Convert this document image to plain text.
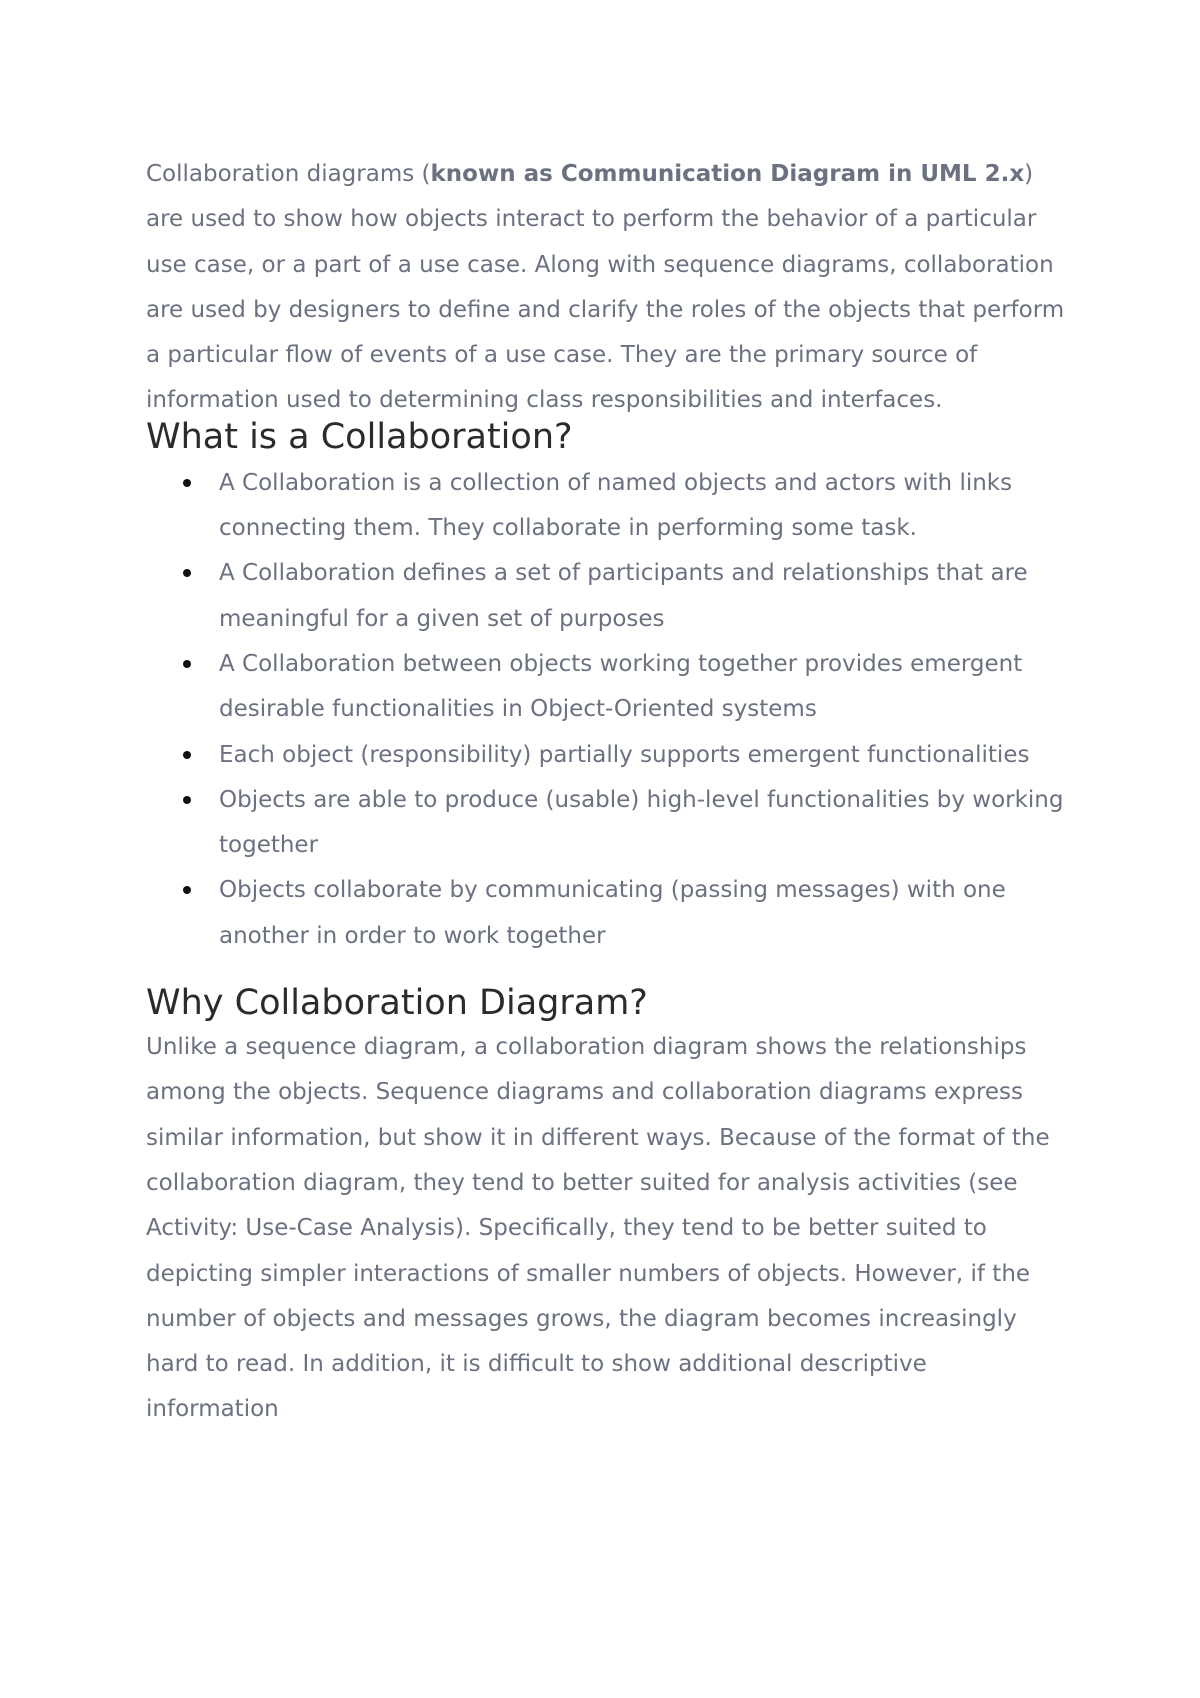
Collaboration diagrams (known as Communication Diagram in UML 2.x) are used to show how objects interact to perform the behavior of a particular use case, or a part of a use case. Along with sequence diagrams, collaboration are used by designers to define and clarify the roles of the objects that perform a particular flow of events of a use case. They are the primary source of information used to determining class responsibilities and interfaces.

What is a Collaboration?
A Collaboration is a collection of named objects and actors with links connecting them. They collaborate in performing some task.
A Collaboration defines a set of participants and relationships that are meaningful for a given set of purposes
A Collaboration between objects working together provides emergent desirable functionalities in Object-Oriented systems
Each object (responsibility) partially supports emergent functionalities
Objects are able to produce (usable) high-level functionalities by working together
Objects collaborate by communicating (passing messages) with one another in order to work together
Why Collaboration Diagram?

Unlike a sequence diagram, a collaboration diagram shows the relationships among the objects. Sequence diagrams and collaboration diagrams express similar information, but show it in different ways. Because of the format of the collaboration diagram, they tend to better suited for analysis activities (see Activity: Use-Case Analysis). Specifically, they tend to be better suited to depicting simpler interactions of smaller numbers of objects. However, if the number of objects and messages grows, the diagram becomes increasingly hard to read. In addition, it is difficult to show additional descriptive information
